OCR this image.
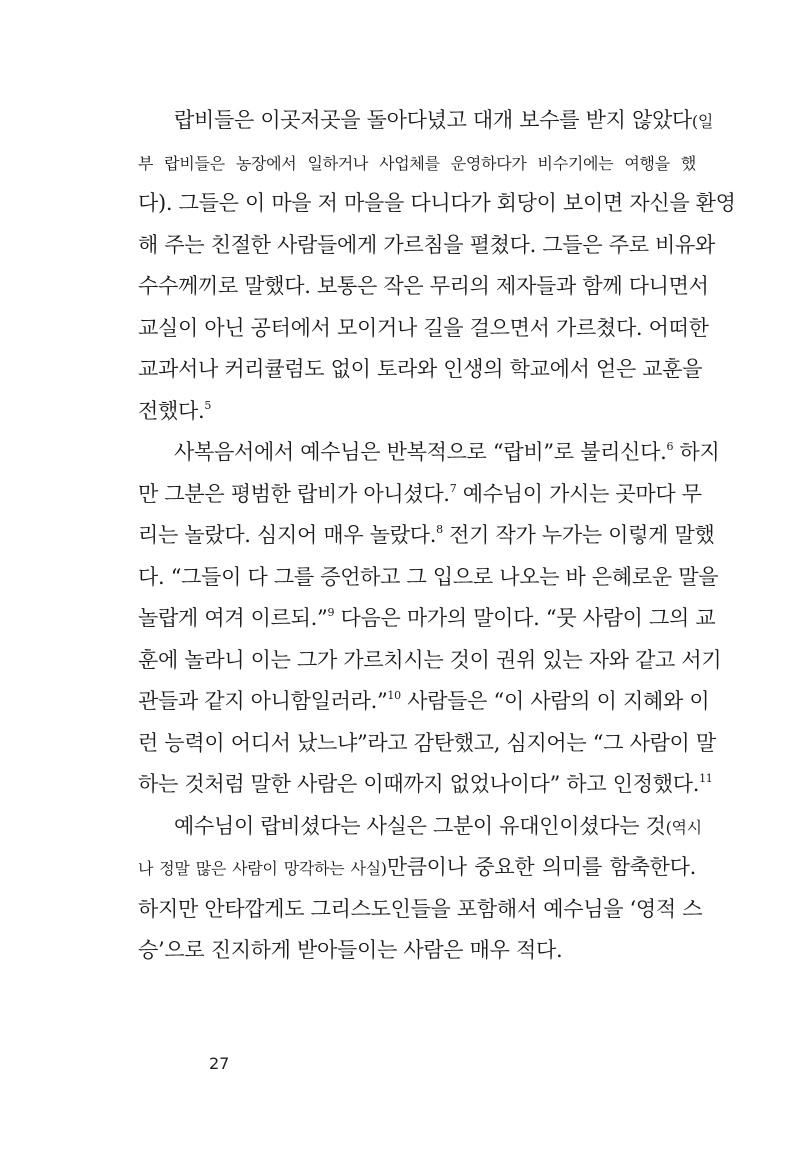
랍비들은 이곳저곳을 돌아다녔고 대개 보수를 받지 않았다(일
부 랍비들은 농장에서 일하거나 사업체를 운영하다가 비수기에는 여행을 했
다). 그들은 이 마을 저 마을을 다니다가 회당이 보이면 자신을 환영
해 주는 친절한 사람들에게 가르침을 펼쳤다. 그들은 주로 비유와
수수께끼로 말했다. 보통은 작은 무리의 제자들과 함께 다니면서
교실이 아닌 공터에서 모이거나 길을 걸으면서 가르쳤다. 어떠한
교과서나 커리큘럼도 없이 토라와 인생의 학교에서 얻은 교훈을
전했다.$^5$
사복음서에서 예수님은 반복적으로 “랍비”로 불리신다.$^6$ 하지
만 그분은 평범한 랍비가 아니셨다.$^7$ 예수님이 가시는 곳마다 무
리는 놀랐다. 심지어 매우 놀랐다.$^8$ 전기 작가 누가는 이렇게 말했
다. “그들이 다 그를 증언하고 그 입으로 나오는 바 은혜로운 말을
놀랍게 여겨 이르되.”$^9$ 다음은 마가의 말이다. “뭇 사람이 그의 교
훈에 놀라니 이는 그가 가르치시는 것이 권위 있는 자와 같고 서기
관들과 같지 아니함일러라.”$^{10}$ 사람들은 “이 사람의 이 지혜와 이
런 능력이 어디서 났느냐”라고 감탄했고, 심지어는 “그 사람이 말
하는 것처럼 말한 사람은 이때까지 없었나이다” 하고 인정했다.$^{11}$
예수님이 랍비셨다는 사실은 그분이 유대인이셨다는 것(역시
나 정말 많은 사람이 망각하는 사실)만큼이나 중요한 의미를 함축한다.
하지만 안타깝게도 그리스도인들을 포함해서 예수님을 ‘영적 스
승’으로 진지하게 받아들이는 사람은 매우 적다.
27
